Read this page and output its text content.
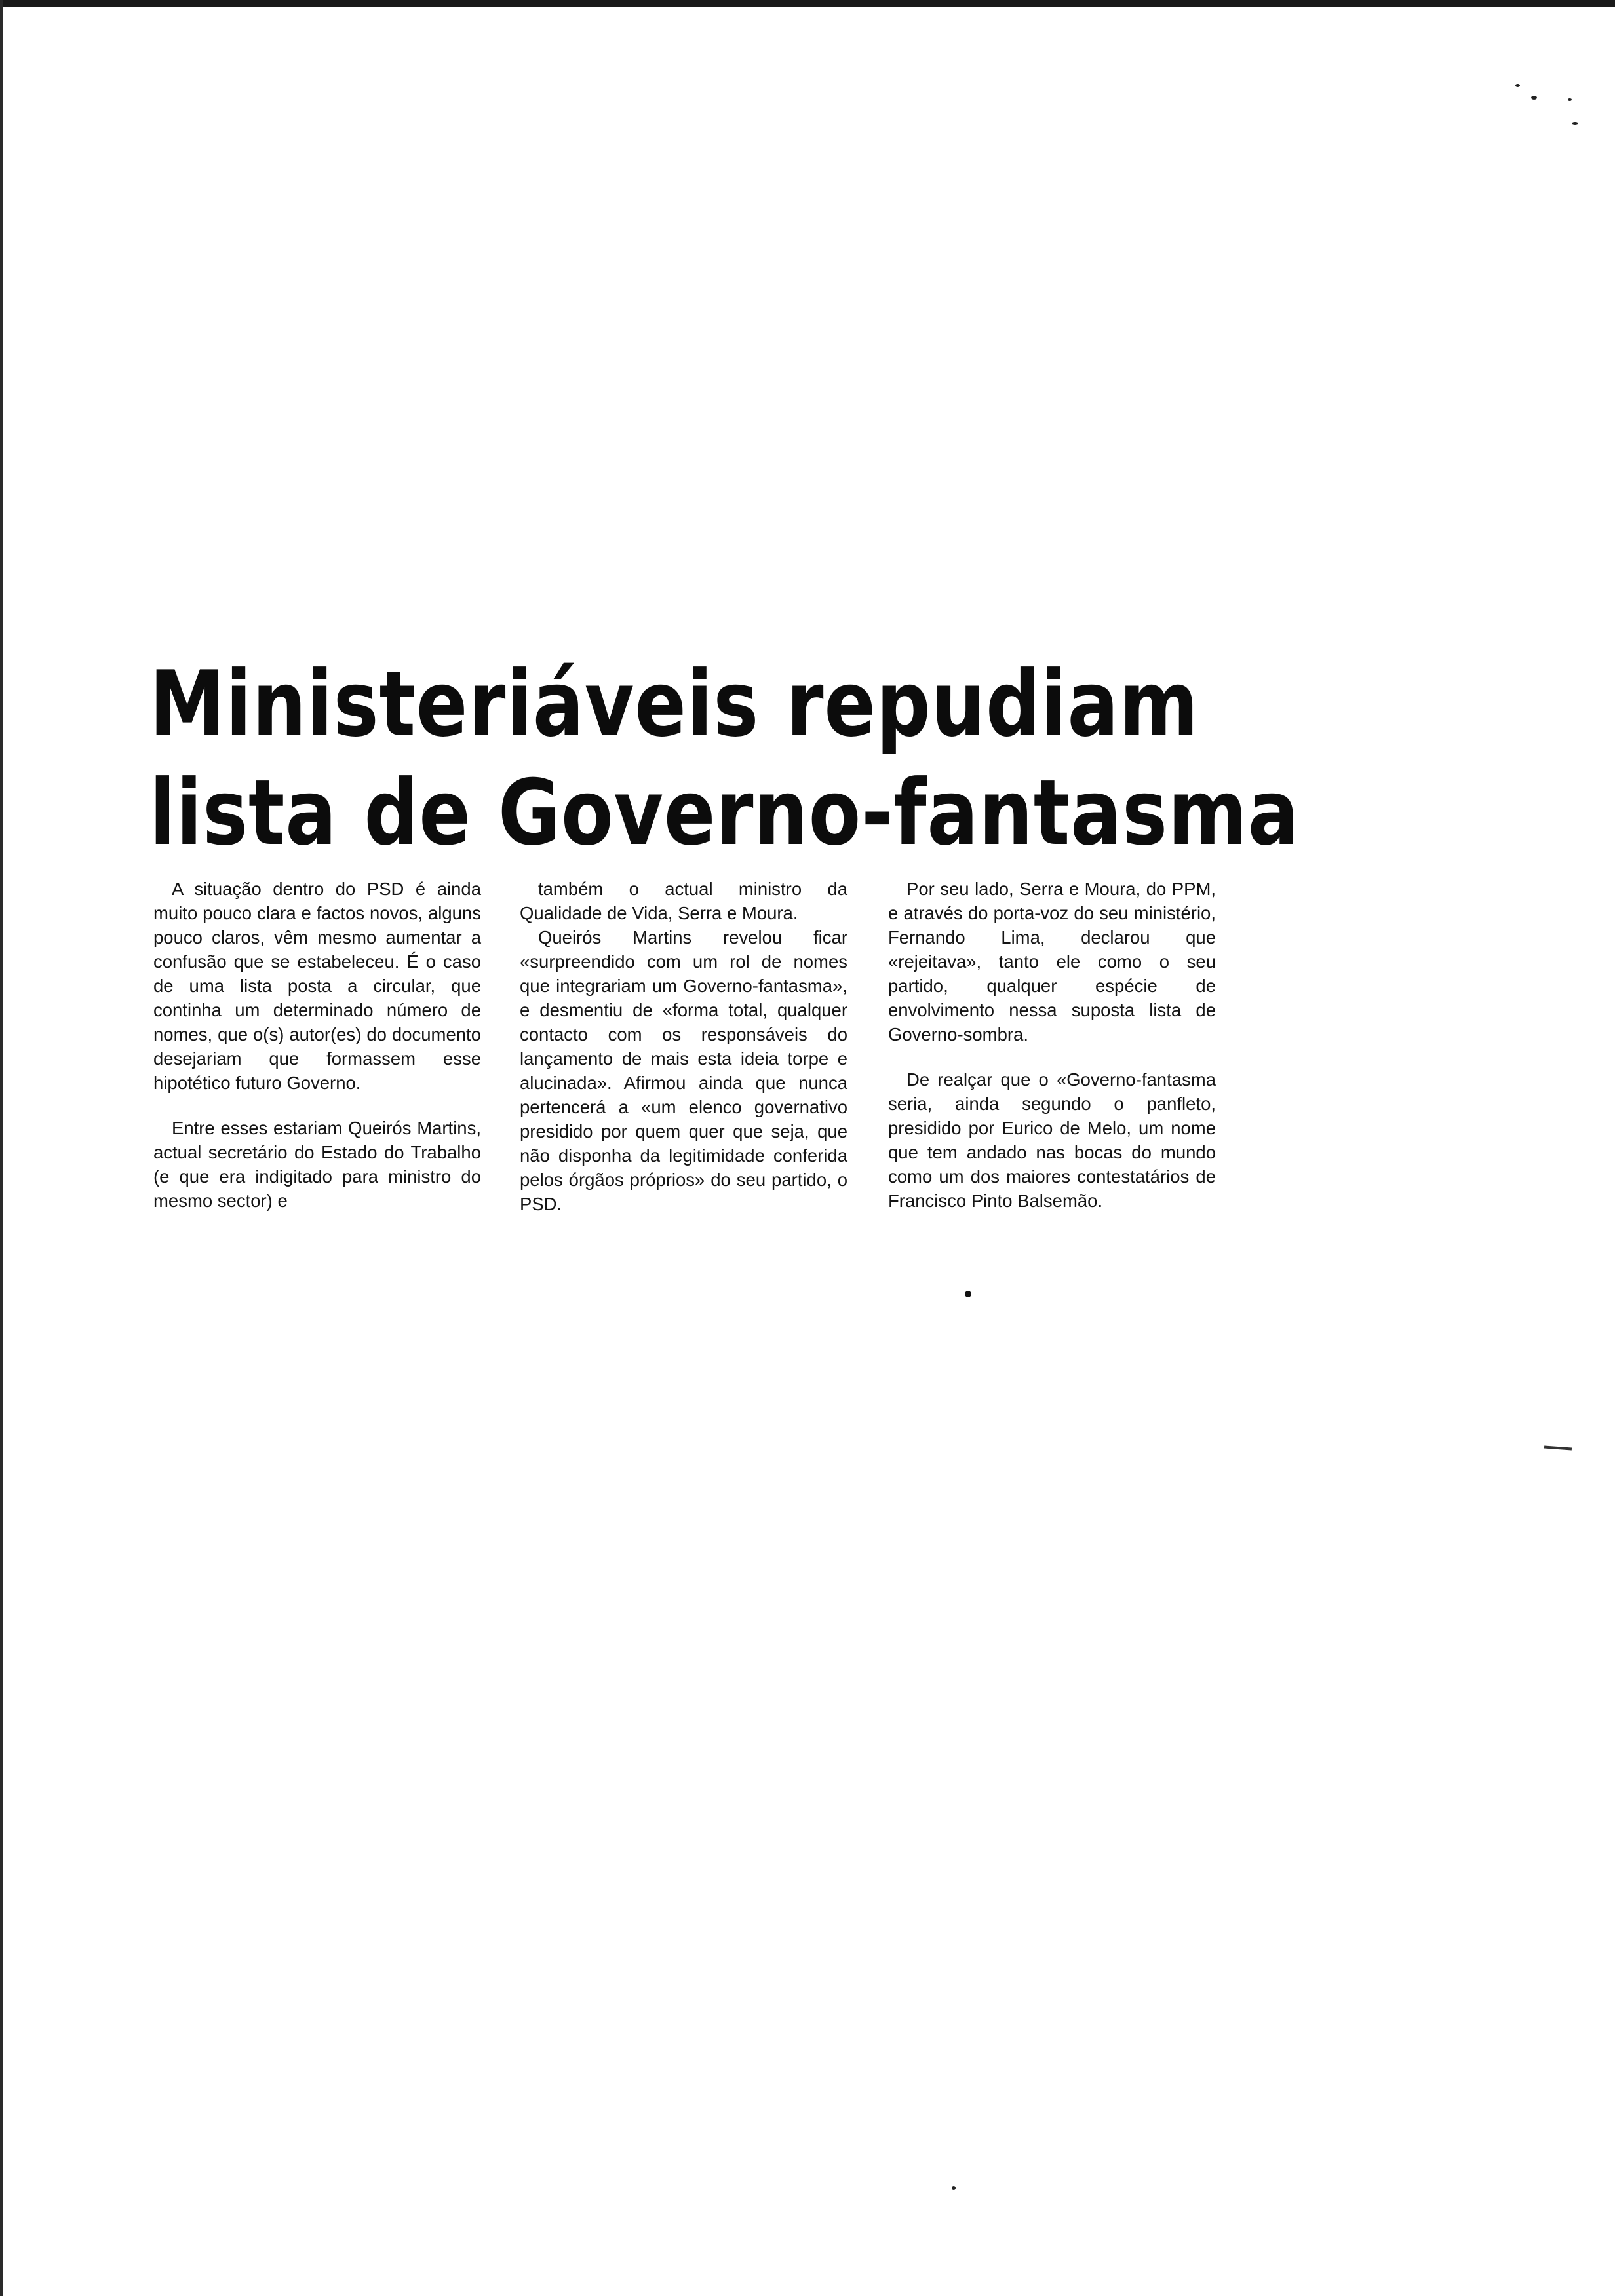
Ministeriáveis repudiam
lista de Governo-fantasma

A situação dentro do PSD é ainda muito pouco clara e factos novos, alguns pouco claros, vêm mesmo aumentar a confusão que se estabeleceu. É o caso de uma lista posta a circular, que continha um determinado número de nomes, que o(s) autor(es) do documento desejariam que formassem esse hipotético futuro Governo.

Entre esses estariam Queirós Martins, actual secretário do Estado do Trabalho (e que era indigitado para ministro do mesmo sector) e

também o actual ministro da Qualidade de Vida, Serra e Moura.

Queirós Martins revelou ficar «surpreendido com um rol de nomes que integrariam um Governo-fantasma», e desmentiu de «forma total, qualquer contacto com os responsáveis do lançamento de mais esta ideia torpe e alucinada». Afirmou ainda que nunca pertencerá a «um elenco governativo presidido por quem quer que seja, que não disponha da legitimidade conferida pelos órgãos próprios» do seu partido, o PSD.

Por seu lado, Serra e Moura, do PPM, e através do porta-voz do seu ministério, Fernando Lima, declarou que «rejeitava», tanto ele como o seu partido, qualquer espécie de envolvimento nessa suposta lista de Governo-sombra.

De realçar que o «Governo-fantasma seria, ainda segundo o panfleto, presidido por Eurico de Melo, um nome que tem andado nas bocas do mundo como um dos maiores contestatários de Francisco Pinto Balsemão.
